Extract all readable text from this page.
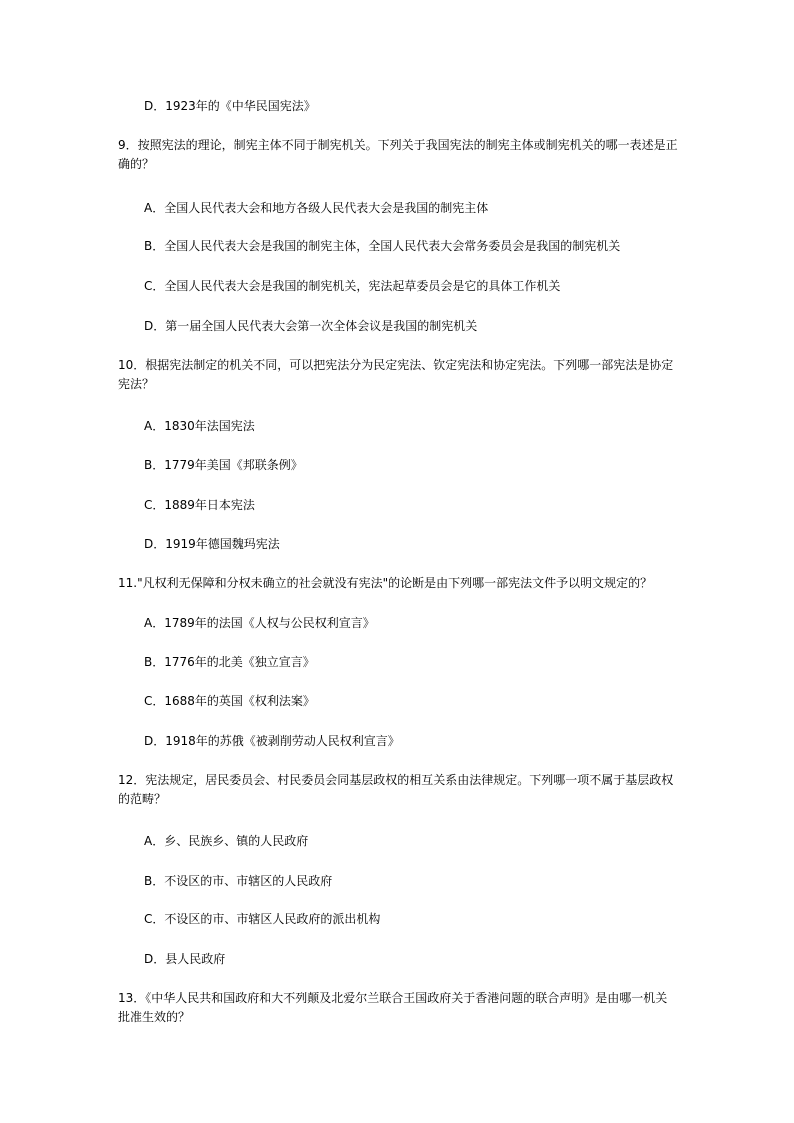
D．1923年的《中华民国宪法》

9．按照宪法的理论，制宪主体不同于制宪机关。下列关于我国宪法的制宪主体或制宪机关的哪一表述是正确的？

A．全国人民代表大会和地方各级人民代表大会是我国的制宪主体

B．全国人民代表大会是我国的制宪主体，全国人民代表大会常务委员会是我国的制宪机关

C．全国人民代表大会是我国的制宪机关，宪法起草委员会是它的具体工作机关

D．第一届全国人民代表大会第一次全体会议是我国的制宪机关

10．根据宪法制定的机关不同，可以把宪法分为民定宪法、钦定宪法和协定宪法。下列哪一部宪法是协定宪法？

A．1830年法国宪法

B．1779年美国《邦联条例》

C．1889年日本宪法

D．1919年德国魏玛宪法

11."凡权利无保障和分权未确立的社会就没有宪法"的论断是由下列哪一部宪法文件予以明文规定的？

A．1789年的法国《人权与公民权利宣言》

B．1776年的北美《独立宣言》

C．1688年的英国《权利法案》

D．1918年的苏俄《被剥削劳动人民权利宣言》

12．宪法规定，居民委员会、村民委员会同基层政权的相互关系由法律规定。下列哪一项不属于基层政权的范畴？

A．乡、民族乡、镇的人民政府

B．不设区的市、市辖区的人民政府

C．不设区的市、市辖区人民政府的派出机构

D．县人民政府

13．《中华人民共和国政府和大不列颠及北爱尔兰联合王国政府关于香港问题的联合声明》是由哪一机关批准生效的？
